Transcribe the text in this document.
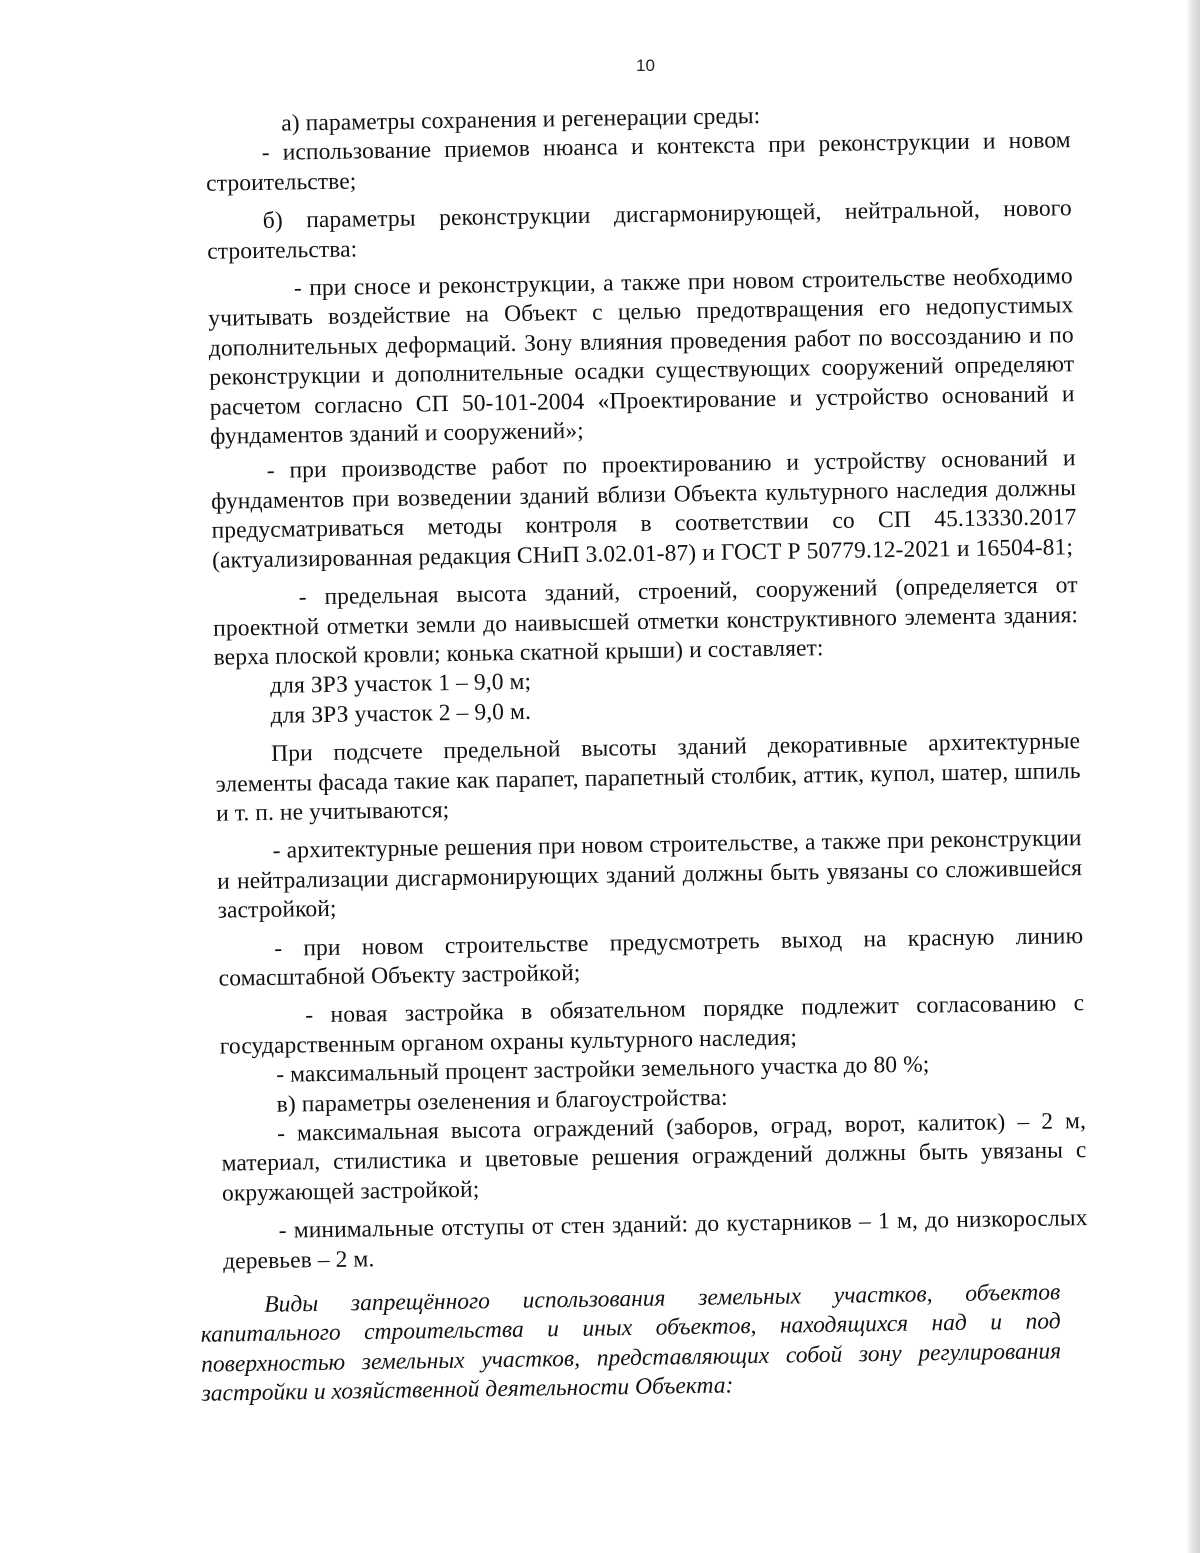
10

а) параметры сохранения и регенерации среды:

- использование приемов нюанса и контекста при реконструкции и новом строительстве;

б) параметры реконструкции дисгармонирующей, нейтральной, нового строительства:

- при сносе и реконструкции, а также при новом строительстве необходимо учитывать воздействие на Объект с целью предотвращения его недопустимых дополнительных деформаций. Зону влияния проведения работ по воссозданию и по реконструкции и дополнительные осадки существующих сооружений определяют расчетом согласно СП 50-101-2004 «Проектирование и устройство оснований и фундаментов зданий и сооружений»;

- при производстве работ по проектированию и устройству оснований и фундаментов при возведении зданий вблизи Объекта культурного наследия должны предусматриваться методы контроля в соответствии со СП 45.13330.2017 (актуализированная редакция СНиП 3.02.01-87) и ГОСТ Р 50779.12-2021 и 16504-81;

- предельная высота зданий, строений, сооружений (определяется от проектной отметки земли до наивысшей отметки конструктивного элемента здания: верха плоской кровли; конька скатной крыши) и составляет:

для ЗРЗ участок 1 – 9,0 м;

для ЗРЗ участок 2 – 9,0 м.

При подсчете предельной высоты зданий декоративные архитектурные элементы фасада такие как парапет, парапетный столбик, аттик, купол, шатер, шпиль и т. п. не учитываются;

- архитектурные решения при новом строительстве, а также при реконструкции и нейтрализации дисгармонирующих зданий должны быть увязаны со сложившейся застройкой;

- при новом строительстве предусмотреть выход на красную линию сомасштабной Объекту застройкой;

- новая застройка в обязательном порядке подлежит согласованию с государственным органом охраны культурного наследия;

- максимальный процент застройки земельного участка до 80 %;

в) параметры озеленения и благоустройства:

- максимальная высота ограждений (заборов, оград, ворот, калиток) – 2 м, материал, стилистика и цветовые решения ограждений должны быть увязаны с окружающей застройкой;

- минимальные отступы от стен зданий: до кустарников – 1 м, до низкорослых деревьев – 2 м.

Виды запрещённого использования земельных участков, объектов капитального строительства и иных объектов, находящихся над и под поверхностью земельных участков, представляющих собой зону регулирования застройки и хозяйственной деятельности Объекта:
